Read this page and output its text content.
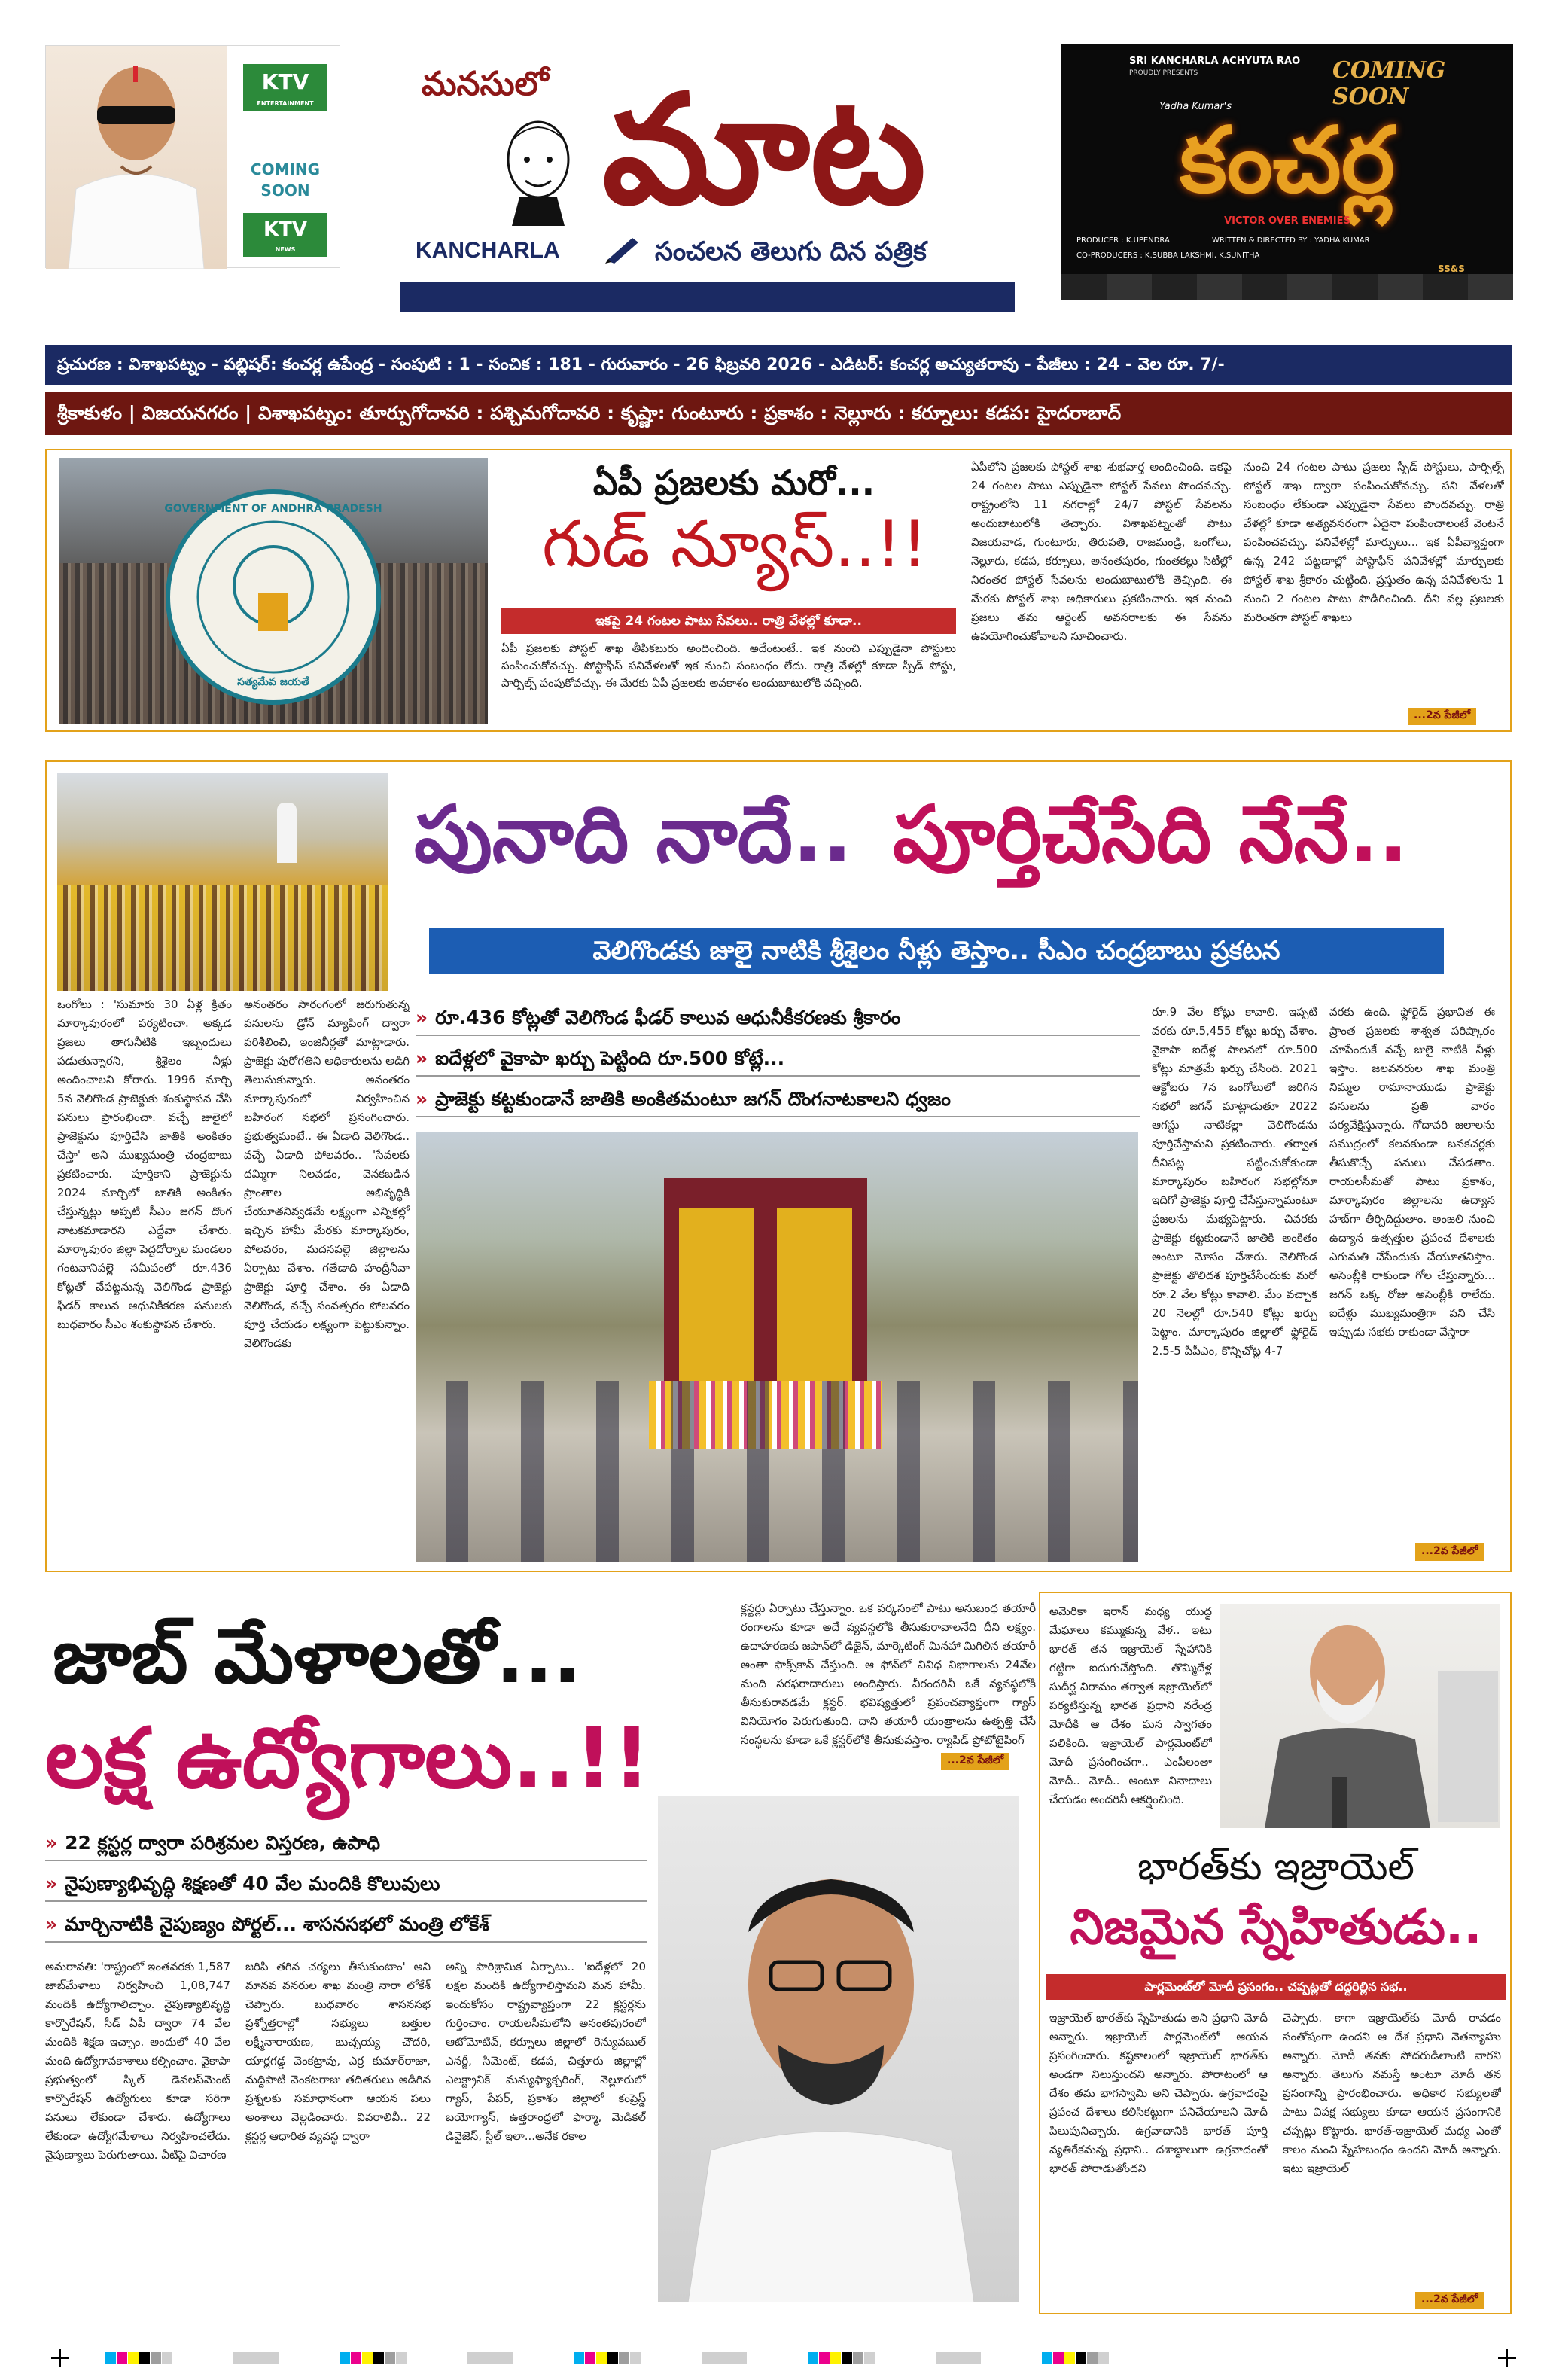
KTV
ENTERTAINMENT
COMING SOON
KTV
NEWS
మనసులో మాట
KANCHARLA	సంచలన తెలుగు దిన పత్రిక
SRI KANCHARLA ACHYUTA RAO
PROUDLY PRESENTS	COMING SOON
Yadha Kumar's
కంచర్ల
VICTOR OVER ENEMIES
PRODUCER : K.UPENDRA	WRITTEN & DIRECTED BY : YADHA KUMAR
CO-PRODUCERS : K.SUBBA LAKSHMI, K.SUNITHA
SS&S
ప్రచురణ : విశాఖపట్నం - పబ్లిషర్: కంచర్ల ఉపేంద్ర - సంపుటి : 1 - సంచిక : 181 - గురువారం - 26 ఫిబ్రవరి 2026 - ఎడిటర్: కంచర్ల అచ్యుతరావు - పేజీలు : 24 - వెల రూ. 7/-
శ్రీకాకుళం | విజయనగరం | విశాఖపట్నం: తూర్పుగోదావరి : పశ్చిమగోదావరి : కృష్ణా: గుంటూరు : ప్రకాశం : నెల్లూరు : కర్నూలు: కడప: హైదరాబాద్
GOVERNMENT OF ANDHRA PRADESH
సత్యమేవ జయతే
ఏపీ ప్రజలకు మరో...
గుడ్ న్యూస్..!!
ఇకపై 24 గంటల పాటు సేవలు.. రాత్రి వేళల్లో కూడా..
ఏపీ ప్రజలకు పోస్టల్ శాఖ తీపికబురు అందించింది. అదేంటంటే.. ఇక నుంచి ఎప్పుడైనా పోస్టులు పంపించుకోవచ్చు. పోస్టాఫీస్ పనివేళలతో ఇక నుంచి సంబంధం లేదు. రాత్రి వేళల్లో కూడా స్పీడ్ పోస్టు, పార్సిల్స్ పంపుకోవచ్చు. ఈ మేరకు ఏపీ ప్రజలకు అవకాశం అందుబాటులోకి వచ్చింది.
ఏపీలోని ప్రజలకు పోస్టల్ శాఖ శుభవార్త అందించింది. ఇకపై 24 గంటల పాటు ఎప్పుడైనా పోస్టల్ సేవలు పొందవచ్చు. రాష్ట్రంలోని 11 నగరాల్లో 24/7 పోస్టల్ సేవలను అందుబాటులోకి తెచ్చారు. విశాఖపట్నంతో పాటు విజయవాడ, గుంటూరు, తిరుపతి, రాజమండ్రి, ఒంగోలు, నెల్లూరు, కడప, కర్నూలు, అనంతపురం, గుంతకల్లు సిటీల్లో నిరంతర పోస్టల్ సేవలను అందుబాటులోకి తెచ్చింది. ఈ మేరకు పోస్టల్ శాఖ అధికారులు ప్రకటించారు. ఇక నుంచి ప్రజలు తమ ఆర్జెంట్ అవసరాలకు ఈ సేవను ఉపయోగించుకోవాలని సూచించారు.
నుంచి 24 గంటల పాటు ప్రజలు స్పీడ్ పోస్టులు, పార్సిల్స్ పోస్టల్ శాఖ ద్వారా పంపించుకోవచ్చు. పని వేళలతో సంబంధం లేకుండా ఎప్పుడైనా సేవలు పొందవచ్చు. రాత్రి వేళల్లో కూడా అత్యవసరంగా ఏదైనా పంపించాలంటే వెంటనే పంపించవచ్చు. పనివేళల్లో మార్పులు... ఇక ఏపీవ్యాప్తంగా ఉన్న 242 పట్టణాల్లో పోస్టాఫీస్ పనివేళల్లో మార్పులకు పోస్టల్ శాఖ శ్రీకారం చుట్టింది. ప్రస్తుతం ఉన్న పనివేళలను 1 నుంచి 2 గంటల పాటు పొడిగించింది. దీని వల్ల ప్రజలకు మరింతగా పోస్టల్ శాఖలు
...2వ పేజీలో
పునాది నాదే.. పూర్తిచేసేది నేనే..
వెలిగొండకు జులై నాటికి శ్రీశైలం నీళ్లు తెస్తాం.. సీఎం చంద్రబాబు ప్రకటన
ఒంగోలు : 'సుమారు 30 ఏళ్ల క్రితం మార్కాపురంలో పర్యటించా. అక్కడ ప్రజలు తాగునీటికి ఇబ్బందులు పడుతున్నారని, శ్రీశైలం నీళ్లు అందించాలని కోరారు. 1996 మార్చి 5న వెలిగొండ ప్రాజెక్టుకు శంకుస్థాపన చేసి పనులు ప్రారంభించా. వచ్చే జులైలో ప్రాజెక్టును పూర్తిచేసి జాతికి అంకితం చేస్తా' అని ముఖ్యమంత్రి చంద్రబాబు ప్రకటించారు. పూర్తికాని ప్రాజెక్టును 2024 మార్చిలో జాతికి అంకితం చేస్తున్నట్లు అప్పటి సీఎం జగన్ దొంగ నాటకమాడారని ఎద్దేవా చేశారు. మార్కాపురం జిల్లా పెద్దదోర్నాల మండలం గంటవానిపల్లె సమీపంలో రూ.436 కోట్లతో చేపట్టనున్న వెలిగొండ ప్రాజెక్టు ఫీడర్ కాలువ ఆధునికీకరణ పనులకు బుధవారం సీఎం శంకుస్థాపన చేశారు.
అనంతరం సారంగంలో జరుగుతున్న పనులను డ్రోన్ మ్యాపింగ్ ద్వారా పరిశీలించి, ఇంజినీర్లతో మాట్లాడారు. ప్రాజెక్టు పురోగతిని అధికారులను అడిగి తెలుసుకున్నారు. అనంతరం మార్కాపురంలో నిర్వహించిన బహిరంగ సభలో ప్రసంగించారు. ప్రభుత్వమంటే.. ఈ ఏడాది వెలిగొండ.. వచ్చే ఏడాది పోలవరం.. 'సేవలకు దమ్మిగా నిలవడం, వెనకబడిన ప్రాంతాల అభివృద్ధికి చేయూతనివ్వడమే లక్ష్యంగా ఎన్నికల్లో ఇచ్చిన హామీ మేరకు మార్కాపురం, పోలవరం, మదనపల్లె జిల్లాలను ఏర్పాటు చేశాం. గతేడాది హంద్రీనీవా ప్రాజెక్టు పూర్తి చేశాం. ఈ ఏడాది వెలిగొండ, వచ్చే సంవత్సరం పోలవరం పూర్తి చేయడం లక్ష్యంగా పెట్టుకున్నాం. వెలిగొండకు
» రూ.436 కోట్లతో వెలిగొండ ఫీడర్ కాలువ ఆధునీకీకరణకు శ్రీకారం
» ఐదేళ్లలో వైకాపా ఖర్చు పెట్టింది రూ.500 కోట్లే...
» ప్రాజెక్టు కట్టకుండానే జాతికి అంకితమంటూ జగన్ దొంగనాటకాలని ధ్వజం
రూ.9 వేల కోట్లు కావాలి. ఇప్పటి వరకు రూ.5,455 కోట్లు ఖర్చు చేశాం. వైకాపా ఐదేళ్ల పాలనలో రూ.500 కోట్లు మాత్రమే ఖర్చు చేసింది. 2021 ఆక్టోబరు 7న ఒంగోలులో జరిగిన సభలో జగన్ మాట్లాడుతూ 2022 ఆగస్టు నాటికల్లా వెలిగొండను పూర్తిచేస్తామని ప్రకటించారు. తర్వాత దీనిపట్ల పట్టించుకోకుండా మార్కాపురం బహిరంగ సభల్లోనూ ఇదిగో ప్రాజెక్టు పూర్తి చేసేస్తున్నామంటూ ప్రజలను మభ్యపెట్టారు. చివరకు ప్రాజెక్టు కట్టకుండానే జాతికి అంకితం అంటూ మోసం చేశారు. వెలిగొండ ప్రాజెక్టు తొలిదశ పూర్తిచేసేందుకు మరో రూ.2 వేల కోట్లు కావాలి. మేం వచ్చాక 20 నెలల్లో రూ.540 కోట్లు ఖర్చు పెట్టాం. మార్కాపురం జిల్లాలో ఫ్లోరైడ్ 2.5-5 పీపీఎం, కొన్నిచోట్ల 4-7
వరకు ఉంది. ఫ్లోరైడ్ ప్రభావిత ఈ ప్రాంత ప్రజలకు శాశ్వత పరిష్కారం చూపేందుకే వచ్చే జులై నాటికి నీళ్లు ఇస్తాం. జలవనరుల శాఖ మంత్రి నిమ్మల రామానాయుడు ప్రాజెక్టు పనులను ప్రతి వారం పర్యవేక్షిస్తున్నారు. గోదావరి జలాలను సముద్రంలో కలవకుండా బనకచర్లకు తీసుకొచ్చే పనులు చేపడతాం. రాయలసీమతో పాటు ప్రకాశం, మార్కాపురం జిల్లాలను ఉద్యాన హబ్‌గా తీర్చిదిద్దుతాం. అంజలి నుంచి ఉద్యాన ఉత్పత్తుల ప్రపంచ దేశాలకు ఎగుమతి చేసేందుకు చేయూతనిస్తాం. అసెంబ్లీకి రాకుండా గోల చేస్తున్నారు... జగన్ ఒక్క రోజు అసెంబ్లీకి రాలేదు. ఐదేళ్లు ముఖ్యమంత్రిగా పని చేసి ఇప్పుడు సభకు రాకుండా వేస్తారా
...2వ పేజీలో
జాబ్ మేళాలతో...
లక్ష ఉద్యోగాలు..!!
క్లస్టర్లు ఏర్పాటు చేస్తున్నాం. ఒక వర్కసంలో పాటు అనుబంధ తయారీ రంగాలను కూడా అదే వ్యవస్థలోకి తీసుకురావాలనేది దీని లక్ష్యం. ఉదాహరణకు జపాన్‌లో డిజైన్, మార్కెటింగ్ మినహా మిగిలిన తయారీ అంతా ఫాక్స్‌కాన్ చేస్తుంది. ఆ ఫోన్‌లో వివిధ విభాగాలను 24వేల మంది సరఫరాదారులు అందిస్తారు. వీరందరినీ ఒకే వ్యవస్థలోకి తీసుకురావడమే క్లస్టర్. భవిష్యత్తులో ప్రపంచవ్యాప్తంగా గ్యాస్ వినియోగం పెరుగుతుంది. దాని తయారీ యంత్రాలను ఉత్పత్తి చేసే సంస్థలను కూడా ఒకే క్లస్టర్‌లోకి తీసుకువస్తాం. ర్యాపిడ్ ప్రోటోటైపింగ్
...2వ పేజీలో
» 22 క్లస్టర్ల ద్వారా పరిశ్రమల విస్తరణ, ఉపాధి
» నైపుణ్యాభివృద్ధి శిక్షణతో 40 వేల మందికి కొలువులు
» మార్చినాటికి నైపుణ్యం పోర్టల్... శాసనసభలో మంత్రి లోకేశ్
అమరావతి: 'రాష్ట్రంలో ఇంతవరకు 1,587 జాబ్‌మేళాలు నిర్వహించి 1,08,747 మందికి ఉద్యోగాలిచ్చాం. నైపుణ్యాభివృద్ధి కార్పొరేషన్, సీడ్ ఏపీ ద్వారా 74 వేల మందికి శిక్షణ ఇచ్చాం. అందులో 40 వేల మంది ఉద్యోగావకాశాలు కల్పించాం. వైకాపా ప్రభుత్వంలో స్కిల్ డెవలప్‌మెంట్ కార్పొరేషన్ ఉద్యోగులు కూడా సరిగా పనులు లేకుండా చేశారు. ఉద్యోగాలు లేకుండా ఉద్యోగమేళాలు నిర్వహించలేదు. నైపుణ్యాలు పెరుగుతాయి. వీటిపై విచారణ
జరిపి తగిన చర్యలు తీసుకుంటాం' అని మానవ వనరుల శాఖ మంత్రి నారా లోకేశ్ చెప్పారు. బుధవారం శాసనసభ ప్రశ్నోత్తరాల్లో సభ్యులు బత్తుల లక్ష్మీనారాయణ, బుచ్చయ్య చౌదరి, యార్లగడ్డ వెంకట్రావు, ఎర్ర కుమార్‌రాజా, మద్దిపాటి వెంకటరాజు తదితరులు అడిగిన ప్రశ్నలకు సమాధానంగా ఆయన పలు అంశాలు వెల్లడించారు. వివరాలివీ.. 22 క్లస్టర్ల ఆధారిత వ్యవస్థ ద్వారా
అన్ని పారిశ్రామిక ఏర్పాటు.. 'ఐదేళ్లలో 20 లక్షల మందికి ఉద్యోగాలిస్తామని మన హామీ. ఇందుకోసం రాష్ట్రవ్యాప్తంగా 22 క్లస్టర్లను గుర్తించాం. రాయలసీమలోని అనంతపురంలో ఆటోమోటివ్, కర్నూలు జిల్లాలో రెన్యువబుల్ ఎనర్జీ, సిమెంట్, కడప, చిత్తూరు జిల్లాల్లో ఎలక్ట్రానిక్ మన్యుఫ్యాక్చరింగ్, నెల్లూరులో గ్యాస్, పేపర్, ప్రకాశం జిల్లాలో కంప్రెస్డ్ బయోగ్యాస్, ఉత్తరాంధ్రలో ఫార్మా, మెడికల్ డివైజెస్, స్టీల్ ఇలా...అనేక రకాల
అమెరికా ఇరాన్ మధ్య యుద్ధ మేఘాలు కమ్ముకున్న వేళ.. ఇటు భారత్ తన ఇజ్రాయెల్ స్నేహానికి గట్టిగా ఐదుగుచేస్తోంది. తొమ్మిదేళ్ల సుదీర్ఘ విరామం తర్వాత ఇజ్రాయెల్‌లో పర్యటిస్తున్న భారత ప్రధాని నరేంద్ర మోదీకి ఆ దేశం ఘన స్వాగతం పలికింది. ఇజ్రాయెల్ పార్లమెంట్‌లో మోదీ ప్రసంగించగా.. ఎంపీలంతా మోదీ.. మోదీ.. అంటూ నినాదాలు చేయడం అందరినీ ఆకర్షించింది.
భారత్‌కు ఇజ్రాయెల్
నిజమైన స్నేహితుడు..
పార్లమెంట్‌లో మోదీ ప్రసంగం.. చప్పట్లతో దద్దరిల్లిన సభ..
ఇజ్రాయెల్ భారత్‌కు స్నేహితుడు అని ప్రధాని మోదీ అన్నారు. ఇజ్రాయెల్ పార్లమెంట్‌లో ఆయన ప్రసంగించారు. కష్టకాలంలో ఇజ్రాయెల్ భారత్‌కు అండగా నిలుస్తుందని అన్నారు. పోరాటంలో ఆ దేశం తమ భాగస్వామి అని చెప్పారు. ఉగ్రవాదంపై ప్రపంచ దేశాలు కలిసికట్టుగా పనిచేయాలని మోదీ పిలుపునిచ్చారు. ఉగ్రవాదానికి భారత్ పూర్తి వ్యతిరేకమన్న ప్రధాని.. దశాబ్దాలుగా ఉగ్రవాదంతో భారత్ పోరాడుతోందని
చెప్పారు. కాగా ఇజ్రాయెల్‌కు మోదీ రావడం సంతోషంగా ఉందని ఆ దేశ ప్రధాని నెతన్యాహు అన్నారు. మోదీ తనకు సోదరుడిలాంటి వారని అన్నారు. తెలుగు నమస్తే అంటూ మోదీ తన ప్రసంగాన్ని ప్రారంభించారు. అధికార సభ్యులతో పాటు విపక్ష సభ్యులు కూడా ఆయన ప్రసంగానికి చప్పట్లు కొట్టారు. భారత్-ఇజ్రాయెల్ మధ్య ఎంతో కాలం నుంచి స్నేహబంధం ఉందని మోదీ అన్నారు. ఇటు ఇజ్రాయెల్
...2వ పేజీలో
